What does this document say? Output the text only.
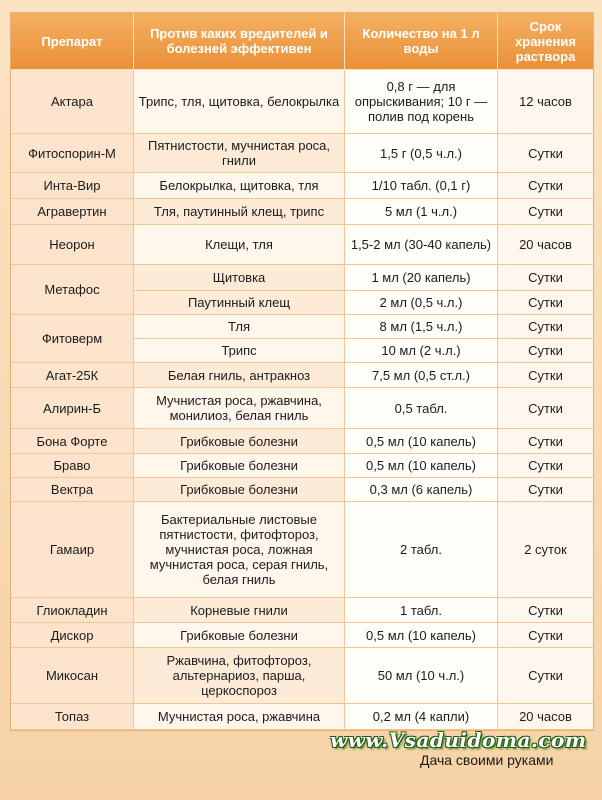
Препарат	Против каких вредителей и болезней эффективен	Количество на 1 л воды	Срок хранения раствора
Актара	Трипс, тля, щитовка, белокрылка	0,8 г — для опрыскивания; 10 г — полив под корень	12 часов
Фитоспорин-М	Пятнистости, мучнистая роса, гнили	1,5 г (0,5 ч.л.)	Сутки
Инта-Вир	Белокрылка, щитовка, тля	1/10 табл. (0,1 г)	Сутки
Агравертин	Тля, паутинный клещ, трипс	5 мл (1 ч.л.)	Сутки
Неорон	Клещи, тля	1,5-2 мл (30-40 капель)	20 часов
Метафос	Щитовка	1 мл (20 капель)	Сутки
	Паутинный клещ	2 мл (0,5 ч.л.)	Сутки
Фитоверм	Тля	8 мл (1,5 ч.л.)	Сутки
	Трипс	10 мл (2 ч.л.)	Сутки
Агат-25К	Белая гниль, антракноз	7,5 мл (0,5 ст.л.)	Сутки
Алирин-Б	Мучнистая роса, ржавчина, монилиоз, белая гниль	0,5 табл.	Сутки
Бона Форте	Грибковые болезни	0,5 мл (10 капель)	Сутки
Браво	Грибковые болезни	0,5 мл (10 капель)	Сутки
Вектра	Грибковые болезни	0,3 мл (6 капель)	Сутки
Гамаир	Бактериальные листовые пятнистости, фитофтороз, мучнистая роса, ложная мучнистая роса, серая гниль, белая гниль	2 табл.	2 суток
Глиокладин	Корневые гнили	1 табл.	Сутки
Дискор	Грибковые болезни	0,5 мл (10 капель)	Сутки
Микосан	Ржавчина, фитофтороз, альтернариоз, парша, церкоспороз	50 мл (10 ч.л.)	Сутки
Топаз	Мучнистая роса, ржавчина	0,2 мл (4 капли)	20 часов
www.Vsaduidoma.com
Дача своими руками
